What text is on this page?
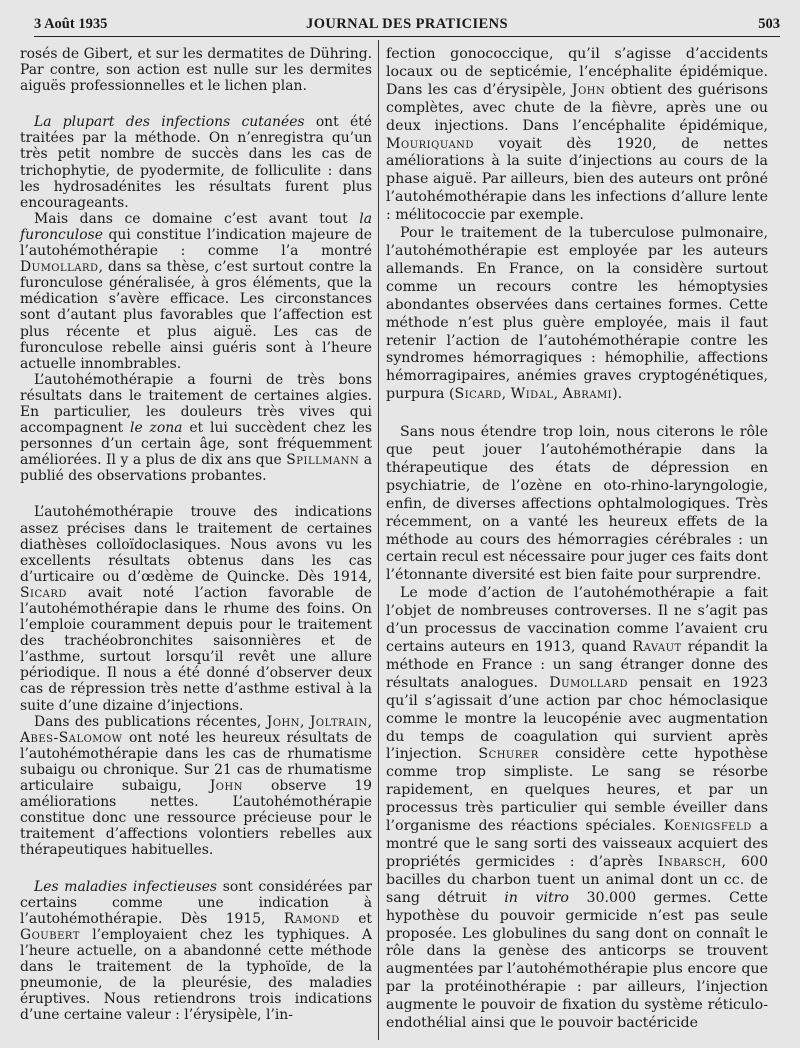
3 Août 1935	JOURNAL DES PRATICIENS	503

rosés de Gibert, et sur les dermatites de Dühring. Par contre, son action est nulle sur les dermites aiguës professionnelles et le lichen plan.

La plupart des infections cutanées ont été traitées par la méthode. On n’enregistra qu’un très petit nombre de succès dans les cas de trichophytie, de pyodermite, de folliculite : dans les hydrosadénites les résultats furent plus encourageants.

Mais dans ce domaine c’est avant tout la furonculose qui constitue l’indication majeure de l’autohémothérapie : comme l’a montré Dumollard, dans sa thèse, c’est surtout contre la furonculose généralisée, à gros éléments, que la médication s’avère efficace. Les circonstances sont d’autant plus favorables que l’affection est plus récente et plus aiguë. Les cas de furonculose rebelle ainsi guéris sont à l’heure actuelle innombrables.

L’autohémothérapie a fourni de très bons résultats dans le traitement de certaines algies. En particulier, les douleurs très vives qui accompagnent le zona et lui succèdent chez les personnes d’un certain âge, sont fréquemment améliorées. Il y a plus de dix ans que Spillmann a publié des observations probantes.

L’autohémothérapie trouve des indications assez précises dans le traitement de certaines diathèses colloïdoclasiques. Nous avons vu les excellents résultats obtenus dans les cas d’urticaire ou d’œdème de Quincke. Dès 1914, Sicard avait noté l’action favorable de l’autohémothérapie dans le rhume des foins. On l’emploie couramment depuis pour le traitement des trachéobronchites saisonnières et de l’asthme, surtout lorsqu’il revêt une allure périodique. Il nous a été donné d’observer deux cas de répression très nette d’asthme estival à la suite d’une dizaine d’injections.

Dans des publications récentes, John, Joltrain, Abes-Salomow ont noté les heureux résultats de l’autohémothérapie dans les cas de rhumatisme subaigu ou chronique. Sur 21 cas de rhumatisme articulaire subaigu, John observe 19 améliorations nettes. L’autohémothérapie constitue donc une ressource précieuse pour le traitement d’affections volontiers rebelles aux thérapeutiques habituelles.

Les maladies infectieuses sont considérées par certains comme une indication à l’autohémothérapie. Dès 1915, Ramond et Goubert l’employaient chez les typhiques. A l’heure actuelle, on a abandonné cette méthode dans le traitement de la typhoïde, de la pneumonie, de la pleurésie, des maladies éruptives. Nous retiendrons trois indications d’une certaine valeur : l’érysipèle, l’in-

fection gonococcique, qu’il s’agisse d’accidents locaux ou de septicémie, l’encéphalite épidémique. Dans les cas d’érysipèle, John obtient des guérisons complètes, avec chute de la fièvre, après une ou deux injections. Dans l’encéphalite épidémique, Mouriquand voyait dès 1920, de nettes améliorations à la suite d’injections au cours de la phase aiguë. Par ailleurs, bien des auteurs ont prôné l’autohémothérapie dans les infections d’allure lente : mélitococcie par exemple.

Pour le traitement de la tuberculose pulmonaire, l’autohémothérapie est employée par les auteurs allemands. En France, on la considère surtout comme un recours contre les hémoptysies abondantes observées dans certaines formes. Cette méthode n’est plus guère employée, mais il faut retenir l’action de l’autohémothérapie contre les syndromes hémorragiques : hémophilie, affections hémorragipaires, anémies graves cryptogénétiques, purpura (Sicard, Widal, Abrami).

Sans nous étendre trop loin, nous citerons le rôle que peut jouer l’autohémothérapie dans la thérapeutique des états de dépression en psychiatrie, de l’ozène en oto-rhino-laryngologie, enfin, de diverses affections ophtalmologiques. Très récemment, on a vanté les heureux effets de la méthode au cours des hémorragies cérébrales : un certain recul est nécessaire pour juger ces faits dont l’étonnante diversité est bien faite pour surprendre.

Le mode d’action de l’autohémothérapie a fait l’objet de nombreuses controverses. Il ne s’agit pas d’un processus de vaccination comme l’avaient cru certains auteurs en 1913, quand Ravaut répandit la méthode en France : un sang étranger donne des résultats analogues. Dumollard pensait en 1923 qu’il s’agissait d’une action par choc hémoclasique comme le montre la leucopénie avec augmentation du temps de coagulation qui survient après l’injection. Schurer considère cette hypothèse comme trop simpliste. Le sang se résorbe rapidement, en quelques heures, et par un processus très particulier qui semble éveiller dans l’organisme des réactions spéciales. Koenigsfeld a montré que le sang sorti des vaisseaux acquiert des propriétés germicides : d’après Inbarsch, 600 bacilles du charbon tuent un animal dont un cc. de sang détruit in vitro 30.000 germes. Cette hypothèse du pouvoir germicide n’est pas seule proposée. Les globulines du sang dont on connaît le rôle dans la genèse des anticorps se trouvent augmentées par l’autohémothérapie plus encore que par la protéinothérapie : par ailleurs, l’injection augmente le pouvoir de fixation du système réticulo-endothélial ainsi que le pouvoir bactéricide
